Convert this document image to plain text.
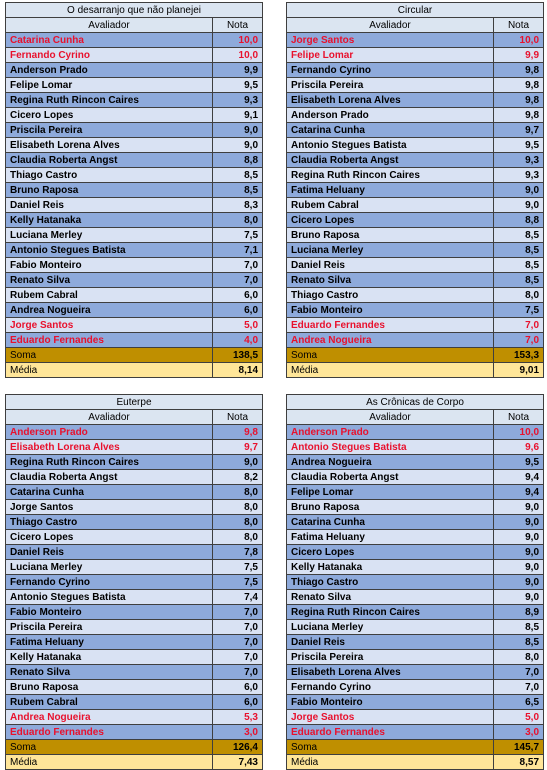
O desarranjo que não planejei	
Avaliador	Nota
Catarina Cunha	10,0
Fernando Cyrino	10,0
Anderson Prado	9,9
Felipe Lomar	9,5
Regina Ruth Rincon Caires	9,3
Cicero Lopes	9,1
Priscila Pereira	9,0
Elisabeth Lorena Alves	9,0
Claudia Roberta Angst	8,8
Thiago Castro	8,5
Bruno Raposa	8,5
Daniel Reis	8,3
Kelly Hatanaka	8,0
Luciana Merley	7,5
Antonio Stegues Batista	7,1
Fabio Monteiro	7,0
Renato Silva	7,0
Rubem Cabral	6,0
Andrea Nogueira	6,0
Jorge Santos	5,0
Eduardo Fernandes	4,0
Soma	138,5
Média	8,14
Circular	
Avaliador	Nota
Jorge Santos	10,0
Felipe Lomar	9,9
Fernando Cyrino	9,8
Priscila Pereira	9,8
Elisabeth Lorena Alves	9,8
Anderson Prado	9,8
Catarina Cunha	9,7
Antonio Stegues Batista	9,5
Claudia Roberta Angst	9,3
Regina Ruth Rincon Caires	9,3
Fatima Heluany	9,0
Rubem Cabral	9,0
Cicero Lopes	8,8
Bruno Raposa	8,5
Luciana Merley	8,5
Daniel Reis	8,5
Renato Silva	8,5
Thiago Castro	8,0
Fabio Monteiro	7,5
Eduardo Fernandes	7,0
Andrea Nogueira	7,0
Soma	153,3
Média	9,01
Euterpe	
Avaliador	Nota
Anderson Prado	9,8
Elisabeth Lorena Alves	9,7
Regina Ruth Rincon Caires	9,0
Claudia Roberta Angst	8,2
Catarina Cunha	8,0
Jorge Santos	8,0
Thiago Castro	8,0
Cicero Lopes	8,0
Daniel Reis	7,8
Luciana Merley	7,5
Fernando Cyrino	7,5
Antonio Stegues Batista	7,4
Fabio Monteiro	7,0
Priscila Pereira	7,0
Fatima Heluany	7,0
Kelly Hatanaka	7,0
Renato Silva	7,0
Bruno Raposa	6,0
Rubem Cabral	6,0
Andrea Nogueira	5,3
Eduardo Fernandes	3,0
Soma	126,4
Média	7,43
As Crônicas de Corpo	
Avaliador	Nota
Anderson Prado	10,0
Antonio Stegues Batista	9,6
Andrea Nogueira	9,5
Claudia Roberta Angst	9,4
Felipe Lomar	9,4
Bruno Raposa	9,0
Catarina Cunha	9,0
Fatima Heluany	9,0
Cicero Lopes	9,0
Kelly Hatanaka	9,0
Thiago Castro	9,0
Renato Silva	9,0
Regina Ruth Rincon Caires	8,9
Luciana Merley	8,5
Daniel Reis	8,5
Priscila Pereira	8,0
Elisabeth Lorena Alves	7,0
Fernando Cyrino	7,0
Fabio Monteiro	6,5
Jorge Santos	5,0
Eduardo Fernandes	3,0
Soma	145,7
Média	8,57
